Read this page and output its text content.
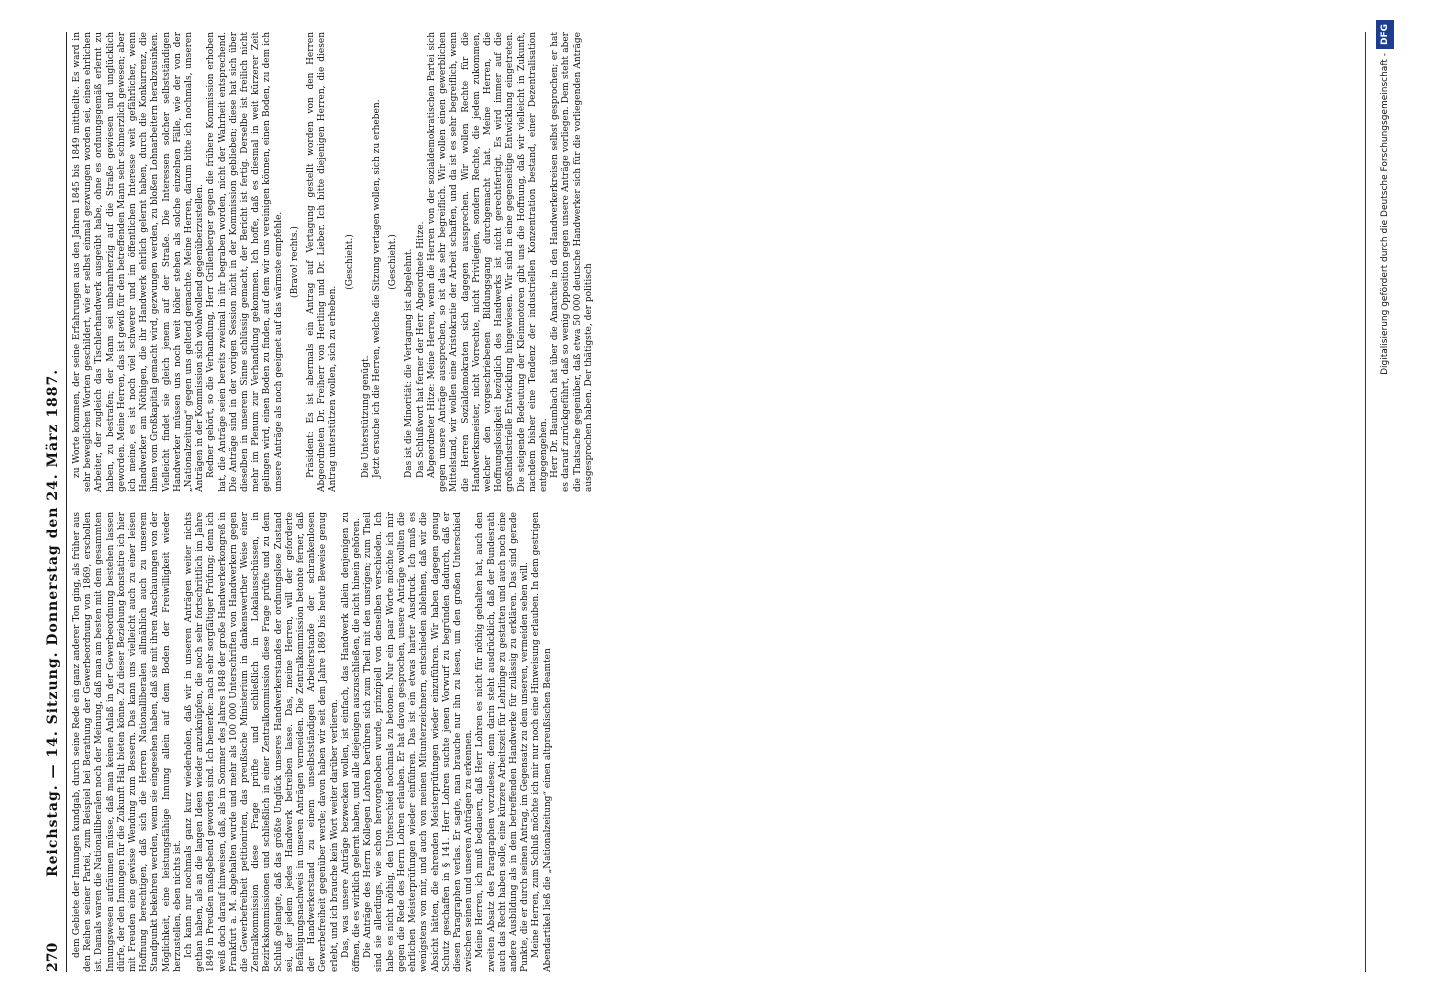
270
Reichstag. — 14. Sitzung. Donnerstag den 24. März 1887.	dem Gebiete der Innungen kundgab, durch seine Rede ein ganz anderer Ton ging, als früher aus den Reihen seiner Partei, zum Beispiel bei Berathung der Gewerbeordnung von 1869, erschollen ist. Damals waren die Nationalliberalen noch der Meinung, daß man am besten mit dem gesammten Innungswesen aufräumen müsse, daß man keinen Anlaß in der Gewerbeordnung bestehen lassen dürfe, der den Innungen für die Zukunft Halt bieten könne. Zu dieser Beziehung konstatire ich hier mit Freuden eine gewisse Wendung zum Bessern. Das kann uns vielleicht auch zu einer leisen Hoffnung berechtigen, daß sich die Herren Nationalliberalen allmählich auch zu unserem Standpunkt bekehren werden, wenn sie eingesehen haben, daß sie mit ihren Anschauungen von der Möglichkeit, eine leistungsfähige Innung allein auf dem Boden der Freiwilligkeit wieder herzustellen, eben nichts ist. Ich kann nur nochmals ganz kurz wiederholen, daß wir in unseren Anträgen weiter nichts gethan haben, als an die langen Ideen wieder anzuknüpfen, die noch sehr fortschrittlich im Jahre 1849 in Preußen maßgebend geworden sind. Ich bemerke: nach sehr sorgfältiger Prüfung; denn ich weiß doch darauf hinweisen, daß, als im Sommer des Jahres 1848 der große Handwerkerkongreß in Frankfurt a. M. abgehalten wurde und mehr als 100 000 Unterschriften von Handwerkern gegen die Gewerbefreiheit petitionirten, das preußische Ministerium in dankenswerther Weise einer Zentralkommission diese Frage prüfte und schließlich in Lokalausschüssen, in Bezirkskommissionen und schließlich in einer Zentralkommission diese Frage prüfte und zu dem Schluß gelangte, daß das größte Unglück unseres Handwerkerstandes der ordnungslose Zustand sei, der jedem jedes Handwerk betreiben lasse. Das, meine Herren, will der geforderte Befähigungsnachweis in unseren Anträgen vermeiden. Die Zentralkommission betonte ferner, daß der Handwerkerstand zu einem unselbstständigen Arbeiterstande der schrankenlosen Gewerbefreiheit gegenüber werde; davon haben wir seit dem Jahre 1869 bis heute Beweise genug erlebt, und ich brauche kein Wort weiter darüber verlieren. Das, was unsere Anträge bezwecken wollen, ist einfach, das Handwerk allein denjenigen zu öffnen, die es wirklich gelernt haben, und alle diejenigen auszuschließen, die nicht hinein gehören. Die Anträge des Herrn Kollegen Lohren berühren sich zum Theil mit den unsrigen; zum Theil sind sie allerdings, wie schon hervorgehoben wurde, prinzipiell von denselben verschieden. Ich habe es nicht nöthig, den Unterschied nochmals zu betonen. Nur ein paar Worte möchte ich mir gegen die Rede des Herrn Lohren erlauben. Er hat davon gesprochen, unsere Anträge wollten die ehrlichen Meisterprüfungen wieder einführen. Das ist ein etwas harter Ausdruck. Ich muß es wenigstens von mir, und auch von meinen Mitunterzeichnern, entschieden ablehnen, daß wir die Absicht hätten, die ehrenden Meisterprüfungen wieder einzuführen. Wir haben dagegen genug Schutz geschaffen in § 141. Herr Lohren suchte jenen Vorwurf zu begründen dadurch, daß er diesen Paragraphen verlas. Er sagte, man brauche nur ihn zu lesen, um den großen Unterschied zwischen seinen und unseren Anträgen zu erkennen. Meine Herren, ich muß bedauern, daß Herr Lohren es nicht für nöthig gehalten hat, auch den zweiten Absatz des Paragraphen vorzulesen; denn darin steht ausdrücklich, daß der Bundesrath auch das Recht haben solle, eine kürzere Arbeitszeit für Lehrlinge zu gestatten und auch noch eine andere Ausbildung als in dem betreffenden Handwerke für zulässig zu erklären. Das sind gerade Punkte, die er durch seinen Antrag, im Gegensatz zu dem unseren, vermeiden sehen will. Meine Herren, zum Schluß möchte ich mir nur noch eine Hinweisung erlauben. In dem gestrigen Abendartikel ließ die „Nationalzeitung“ einen altpreußischen Beamten

zu Worte kommen, der seine Erfahrungen aus den Jahren 1845 bis 1849 mittheilte. Es ward in sehr beweglichen Worten geschildert, wie er selbst einmal gezwungen worden sei, einen ehrlichen Arbeiter, der zugleich das Tischlerhandwerk ausgeübt habe, ohne es ordnungsgemäß erlernt zu haben, zu bestrafen; der Mann sei unbarmherzig auf die Straße gewiesen und unglücklich geworden. Meine Herren, das ist gewiß für den betreffenden Mann sehr schmerzlich gewesen; aber ich meine, es ist noch viel schwerer und im öffentlichen Interesse weit gefährlicher, wenn Handwerker am Nöthigen, die ihr Handwerk ehrlich gelernt haben, durch die Konkurrenz, die ihnen vom Großkapital gemacht wird, gezwungen werden, zu bloßen Lohnarbeitern herabzusinken. Vielleicht findet sie gleich jenem auf der Straße. Die Interessen solcher selbstständigen Handwerker müssen uns noch weit höher stehen als solche einzelnen Fälle, wie der von der „Nationalzeitung“ gegen uns geltend gemachte. Meine Herren, darum bitte ich nochmals, unseren Anträgen in der Kommission sich wohlwollend gegenüberzustellen. Redner gehört, so die Verhandlung, Herr Grillenberger gegen die frühere Kommission erhoben hat, die Anträge seien bereits zweimal in ihr begraben worden, nicht der Wahrheit entsprechend. Die Anträge sind in der vorigen Session nicht in der Kommission geblieben; diese hat sich über dieselben in unserem Sinne schlüssig gemacht, der Bericht ist fertig. Derselbe ist freilich nicht mehr im Plenum zur Verhandlung gekommen. Ich hoffe, daß es diesmal in weit kürzerer Zeit gelingen wird, einen Boden zu finden, auf dem wir uns vereinigen können, einen Boden, zu dem ich unsere Anträge als noch geeignet auf das wärmste empfehle. (Bravo! rechts.) Präsident: Es ist abermals ein Antrag auf Vertagung gestellt worden von den Herren Abgeordneten Dr. Freiherr von Hertling und Dr. Lieber. Ich bitte diejenigen Herren, die diesen Antrag unterstützen wollen, sich zu erheben.

(Geschieht.)

Die Unterstützung genügt. Jetzt ersuche ich die Herren, welche die Sitzung vertagen wollen, sich zu erheben. (Geschieht.) Das ist die Minorität: die Vertagung ist abgelehnt. Das Schlußwort hat ferner der Herr Abgeordnete Hitze. Abgeordneter Hitze: Meine Herren, wenn die Herren von der sozialdemokratischen Partei sich gegen unsere Anträge aussprechen, so ist das sehr begreiflich. Wir wollen einen gewerblichen Mittelstand, wir wollen eine Aristokratie der Arbeit schaffen, und da ist es sehr begreiflich, wenn die Herren Sozialdemokraten sich dagegen aussprechen. Wir wollen Rechte für die Handwerksmeister, nicht Vorrechte, nicht Privilegien, sondern Rechte, die jedem zukommen, welcher den vorgeschriebenen Bildungsgang durchgemacht hat. Meine Herren, die Hoffnungslosigkeit bezüglich des Handwerks ist nicht gerechtfertigt. Es wird immer auf die großindustrielle Entwicklung hingewiesen. Wir sind in eine gegenseitige Entwicklung eingetreten. Die steigende Bedeutung der Kleinmotoren gibt uns die Hoffnung, daß wir vielleicht in Zukunft, nachdem bisher eine Tendenz der industriellen Konzentration bestand, einer Dezentralisation entgegengehen. Herr Dr. Baumbach hat über die Anarchie in den Handwerkerkreisen selbst gesprochen; er hat es darauf zurückgeführt, daß so wenig Opposition gegen unsere Anträge vorliegen. Dem steht aber die Thatsache gegenüber, daß etwa 50 000 deutsche Handwerker sich für die vorliegenden Anträge ausgesprochen haben. Der thätigste, der politisch

Digitalisierung gefördert durch die Deutsche Forschungsgemeinschaft -DFG
